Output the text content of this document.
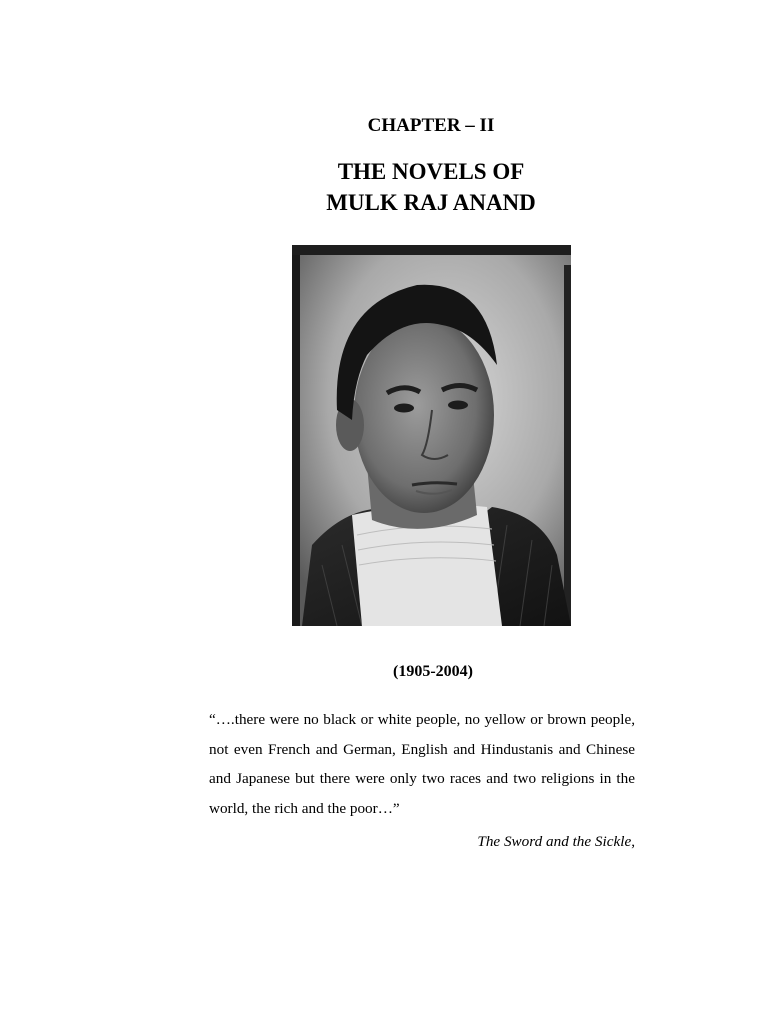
CHAPTER – II
THE NOVELS OF
MULK RAJ ANAND
(1905-2004)
“….there were no black or white people, no yellow or brown people, not even French and German, English and Hindustanis and Chinese and Japanese but there were only two races and two religions in the world, the rich and the poor…”
The Sword and the Sickle,
